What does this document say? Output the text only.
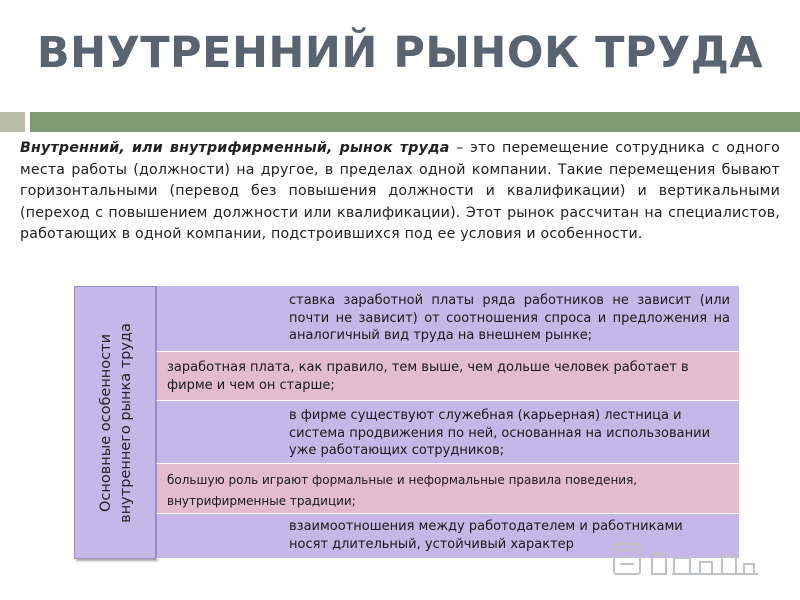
ВНУТРЕННИЙ РЫНОК ТРУДА
Внутренний, или внутрифирменный, рынок труда – это перемещение сотрудника с одного места работы (должности) на другое, в пределах одной компании. Такие перемещения бывают горизонтальными (перевод без повышения должности и квалификации) и вертикальными (переход с повышением должности или квалификации). Этот рынок рассчитан на специалистов, работающих в одной компании, подстроившихся под ее условия и особенности.
Основные особенности внутреннего рынка труда
ставка заработной платы ряда работников не зависит (или почти не зависит) от соотношения спроса и предложения на аналогичный вид труда на внешнем рынке;
заработная плата, как правило, тем выше, чем дольше человек работает в фирме и чем он старше;
в фирме существуют служебная (карьерная) лестница и система продвижения по ней, основанная на использовании уже работающих сотрудников;
большую роль играют формальные и неформальные правила поведения, внутрифирменные традиции;
взаимоотношения между работодателем и работниками носят длительный, устойчивый характер
